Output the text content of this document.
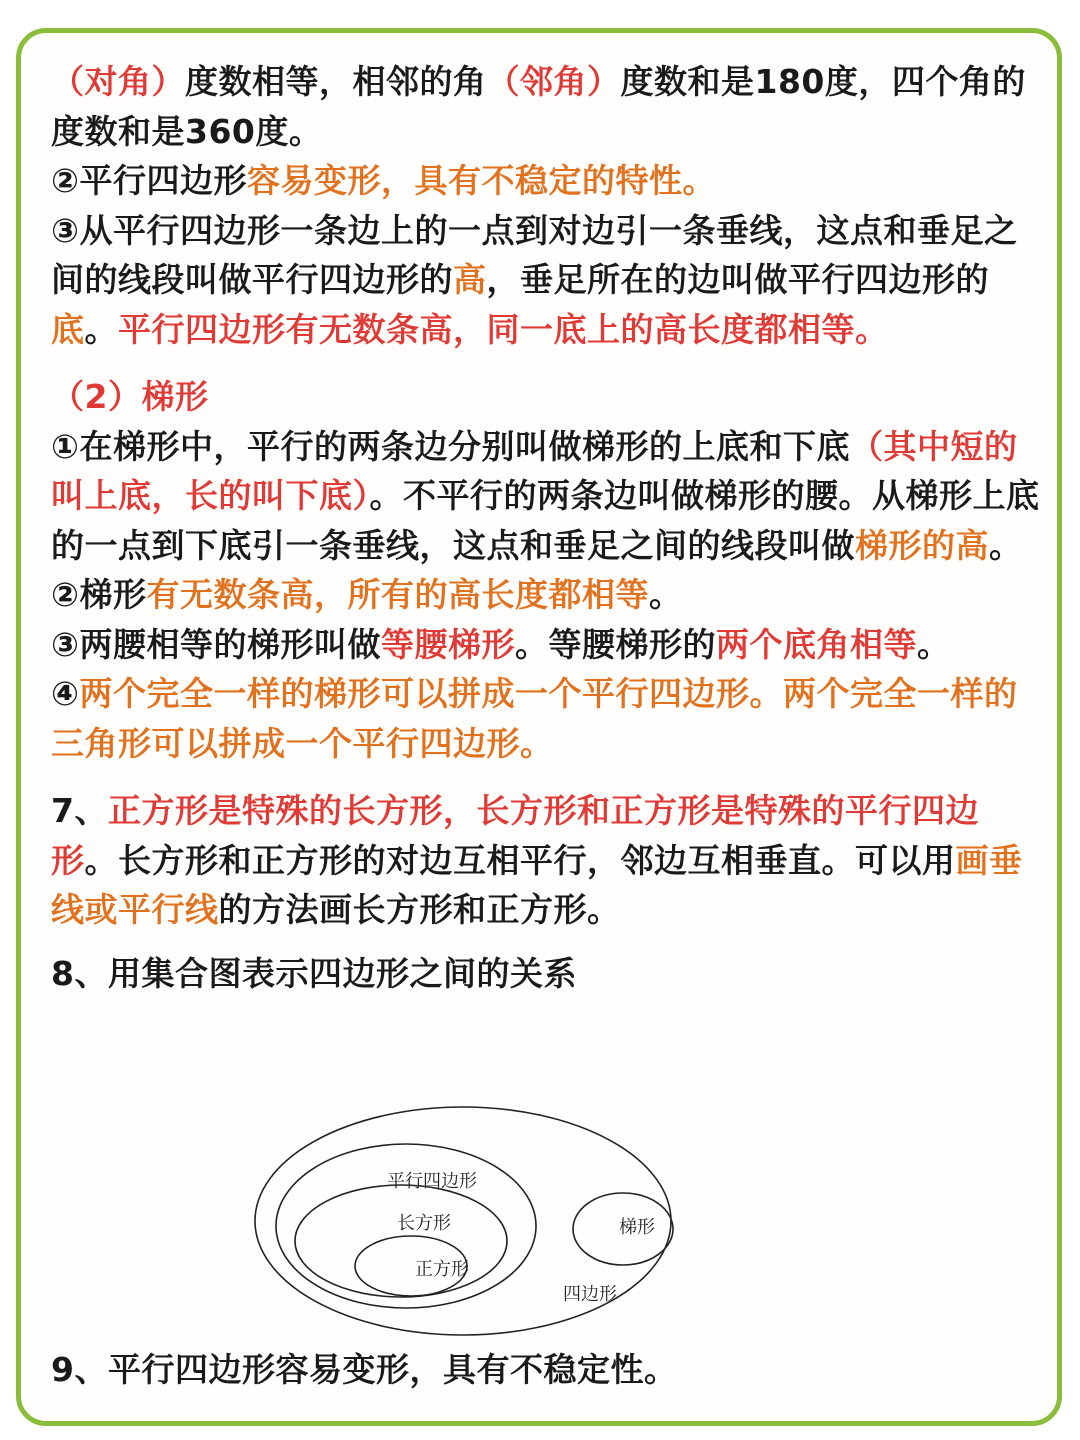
（对角）度数相等，相邻的角（邻角）度数和是180度，四个角的度数和是360度。

②平行四边形容易变形，具有不稳定的特性。

③从平行四边形一条边上的一点到对边引一条垂线，这点和垂足之间的线段叫做平行四边形的高，垂足所在的边叫做平行四边形的底。平行四边形有无数条高，同一底上的高长度都相等。

（2）梯形

①在梯形中，平行的两条边分别叫做梯形的上底和下底（其中短的叫上底，长的叫下底）。不平行的两条边叫做梯形的腰。从梯形上底的一点到下底引一条垂线，这点和垂足之间的线段叫做梯形的高。

②梯形有无数条高，所有的高长度都相等。

③两腰相等的梯形叫做等腰梯形。等腰梯形的两个底角相等。

④两个完全一样的梯形可以拼成一个平行四边形。两个完全一样的三角形可以拼成一个平行四边形。

7、正方形是特殊的长方形，长方形和正方形是特殊的平行四边形。长方形和正方形的对边互相平行，邻边互相垂直。可以用画垂线或平行线的方法画长方形和正方形。

8、用集合图表示四边形之间的关系

平行四边形
长方形
正方形
梯形
四边形

9、平行四边形容易变形，具有不稳定性。
